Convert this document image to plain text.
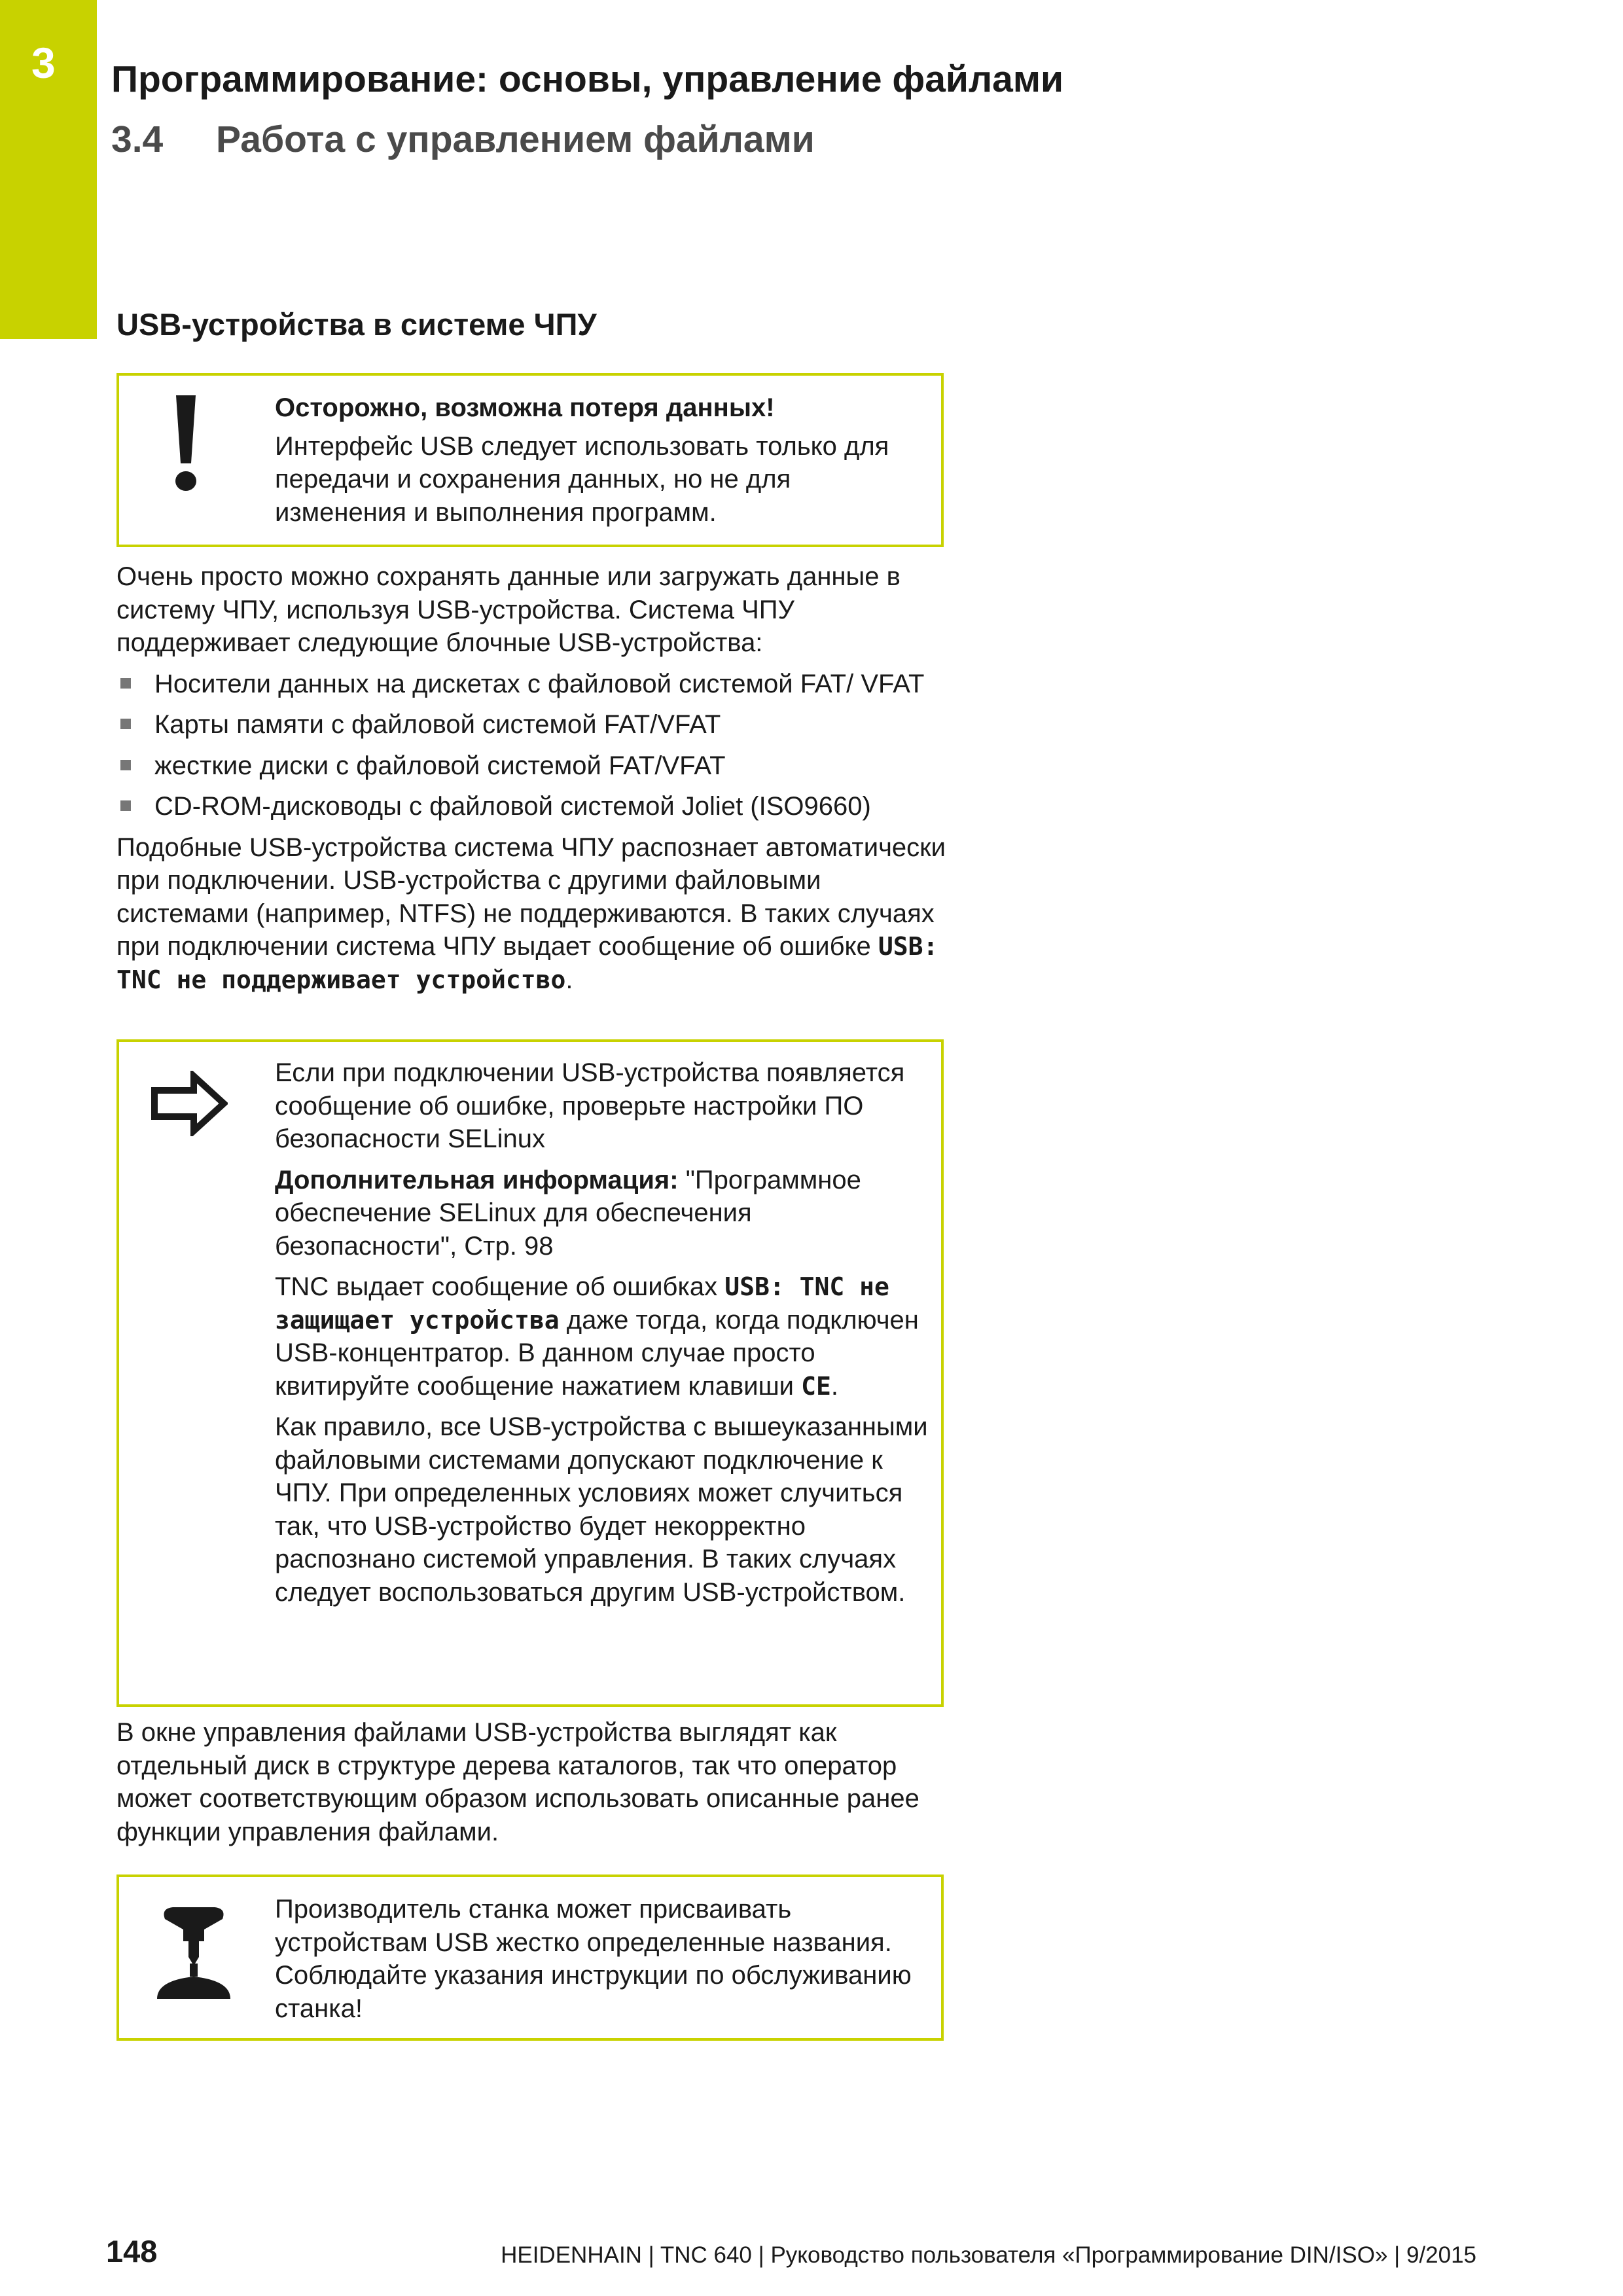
3 Программирование: основы, управление файлами
3.4 Работа с управлением файлами
USB-устройства в системе ЧПУ

Осторожно, возможна потеря данных!

Интерфейс USB следует использовать только для передачи и сохранения данных, но не для изменения и выполнения программ.

Очень просто можно сохранять данные или загружать данные в систему ЧПУ, используя USB-устройства. Система ЧПУ поддерживает следующие блочные USB-устройства:

Носители данных на дискетах с файловой системой FAT/ VFAT
Карты памяти с файловой системой FAT/VFAT
жесткие диски с файловой системой FAT/VFAT
CD-ROM-дисководы с файловой системой Joliet (ISO9660)

Подобные USB-устройства система ЧПУ распознает автоматически при подключении. USB-устройства с другими файловыми системами (например, NTFS) не поддерживаются. В таких случаях при подключении система ЧПУ выдает сообщение об ошибке USB: TNC не поддерживает устройство.

Если при подключении USB-устройства появляется сообщение об ошибке, проверьте настройки ПО безопасности SELinux

Дополнительная информация: "Программное обеспечение SELinux для обеспечения безопасности", Стр. 98

TNC выдает сообщение об ошибках USB: TNC не защищает устройства даже тогда, когда подключен USB-концентратор. В данном случае просто квитируйте сообщение нажатием клавиши CE.

Как правило, все USB-устройства с вышеуказанными файловыми системами допускают подключение к ЧПУ. При определенных условиях может случиться так, что USB-устройство будет некорректно распознано системой управления. В таких случаях следует воспользоваться другим USB-устройством.

В окне управления файлами USB-устройства выглядят как отдельный диск в структуре дерева каталогов, так что оператор может соответствующим образом использовать описанные ранее функции управления файлами.

Производитель станка может присваивать устройствам USB жестко определенные названия. Соблюдайте указания инструкции по обслуживанию станка!

148	HEIDENHAIN | TNC 640 | Руководство пользователя «Программирование DIN/ISO» | 9/2015
